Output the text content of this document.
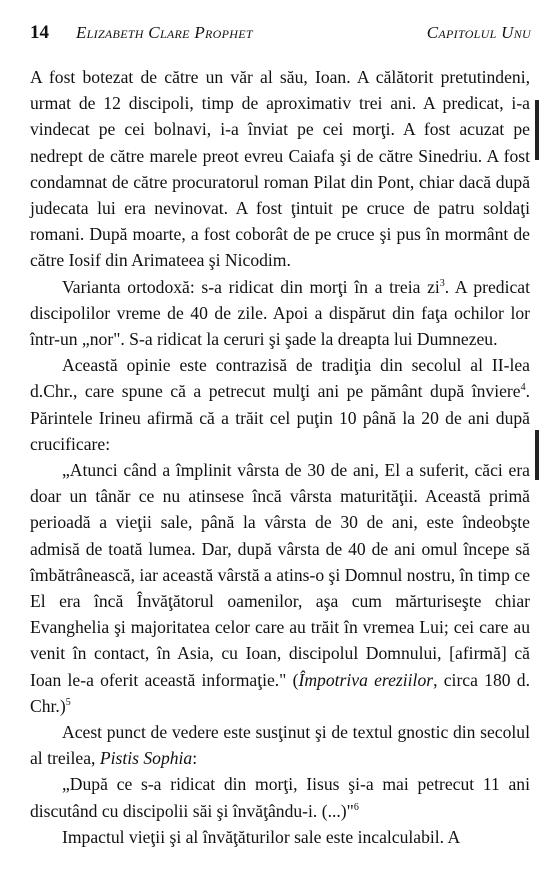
14 Elizabeth Clare Prophet	Capitolul Unu

A fost botezat de către un văr al său, Ioan. A călătorit pretutindeni, urmat de 12 discipoli, timp de aproximativ trei ani. A predicat, i-a vindecat pe cei bolnavi, i-a înviat pe cei morţi. A fost acuzat pe nedrept de către marele preot evreu Caiafa şi de către Sinedriu. A fost condamnat de către procuratorul roman Pilat din Pont, chiar dacă după judecata lui era nevinovat. A fost ţintuit pe cruce de patru soldaţi romani. După moarte, a fost coborât de pe cruce şi pus în mormânt de către Iosif din Arimateea şi Nicodim.

Varianta ortodoxă: s-a ridicat din morţi în a treia $zi^3$. A predicat discipolilor vreme de 40 de zile. Apoi a dispărut din faţa ochilor lor într-un „nor". S-a ridicat la ceruri şi şade la dreapta lui Dumnezeu.

Această opinie este contrazisă de tradiţia din secolul al II-lea d.Chr., care spune că a petrecut mulţi ani pe pământ după înviere$^4$. Părintele Irineu afirmă că a trăit cel puţin 10 până la 20 de ani după crucificare:

„Atunci când a împlinit vârsta de 30 de ani, El a suferit, căci era doar un tânăr ce nu atinsese încă vârsta maturităţii. Această primă perioadă a vieţii sale, până la vârsta de 30 de ani, este îndeobşte admisă de toată lumea. Dar, după vârsta de 40 de ani omul începe să îmbătrânească, iar această vârstă a atins-o şi Domnul nostru, în timp ce El era încă Învăţătorul oamenilor, aşa cum mărturiseşte chiar Evanghelia şi majoritatea celor care au trăit în vremea Lui; cei care au venit în contact, în Asia, cu Ioan, discipolul Domnului, [afirmă] că Ioan le-a oferit această informaţie." (Împotriva ereziilor, circa 180 d. Chr.)$^5$

Acest punct de vedere este susţinut şi de textul gnostic din secolul al treilea, Pistis Sophia:

„După ce s-a ridicat din morţi, Iisus şi-a mai petrecut 11 ani discutând cu discipolii săi şi învăţându-i. (...)"$^6$

Impactul vieţii şi al învăţăturilor sale este incalculabil. A
